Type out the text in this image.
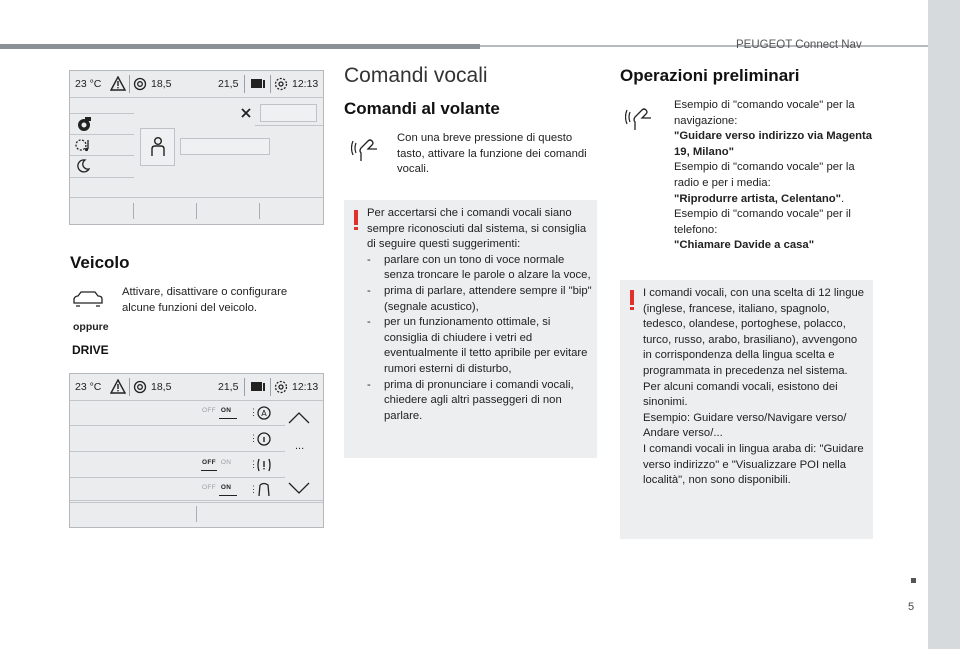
PEUGEOT Connect Nav
5
23 °C	18,5	21,5	12:13
Veicolo
Attivare, disattivare o configurare alcune funzioni del veicolo.
oppure
DRIVE
23 °C	18,5	21,5	12:13
OFF ON ⋮ A
⋮
OFF ON ⋮
OFF ON ⋮
...
Comandi vocali
Comandi al volante
Con una breve pressione di questo tasto, attivare la funzione dei comandi vocali.
Per accertarsi che i comandi vocali siano sempre riconosciuti dal sistema, si consiglia di seguire questi suggerimenti:
-	parlare con un tono di voce normale senza troncare le parole o alzare la voce,
-	prima di parlare, attendere sempre il "bip" (segnale acustico),
-	per un funzionamento ottimale, si consiglia di chiudere i vetri ed eventualmente il tetto apribile per evitare rumori esterni di disturbo,
-	prima di pronunciare i comandi vocali, chiedere agli altri passeggeri di non parlare.
Operazioni preliminari
Esempio di "comando vocale" per la navigazione:
"Guidare verso indirizzo via Magenta 19, Milano"
Esempio di "comando vocale" per la radio e per i media:
"Riprodurre artista, Celentano".
Esempio di "comando vocale" per il telefono:
"Chiamare Davide a casa"
I comandi vocali, con una scelta di 12 lingue (inglese, francese, italiano, spagnolo, tedesco, olandese, portoghese, polacco, turco, russo, arabo, brasiliano), avvengono in corrispondenza della lingua scelta e programmata in precedenza nel sistema.
Per alcuni comandi vocali, esistono dei sinonimi.
Esempio: Guidare verso/Navigare verso/ Andare verso/...
I comandi vocali in lingua araba di: "Guidare verso indirizzo" e "Visualizzare POI nella località", non sono disponibili.
